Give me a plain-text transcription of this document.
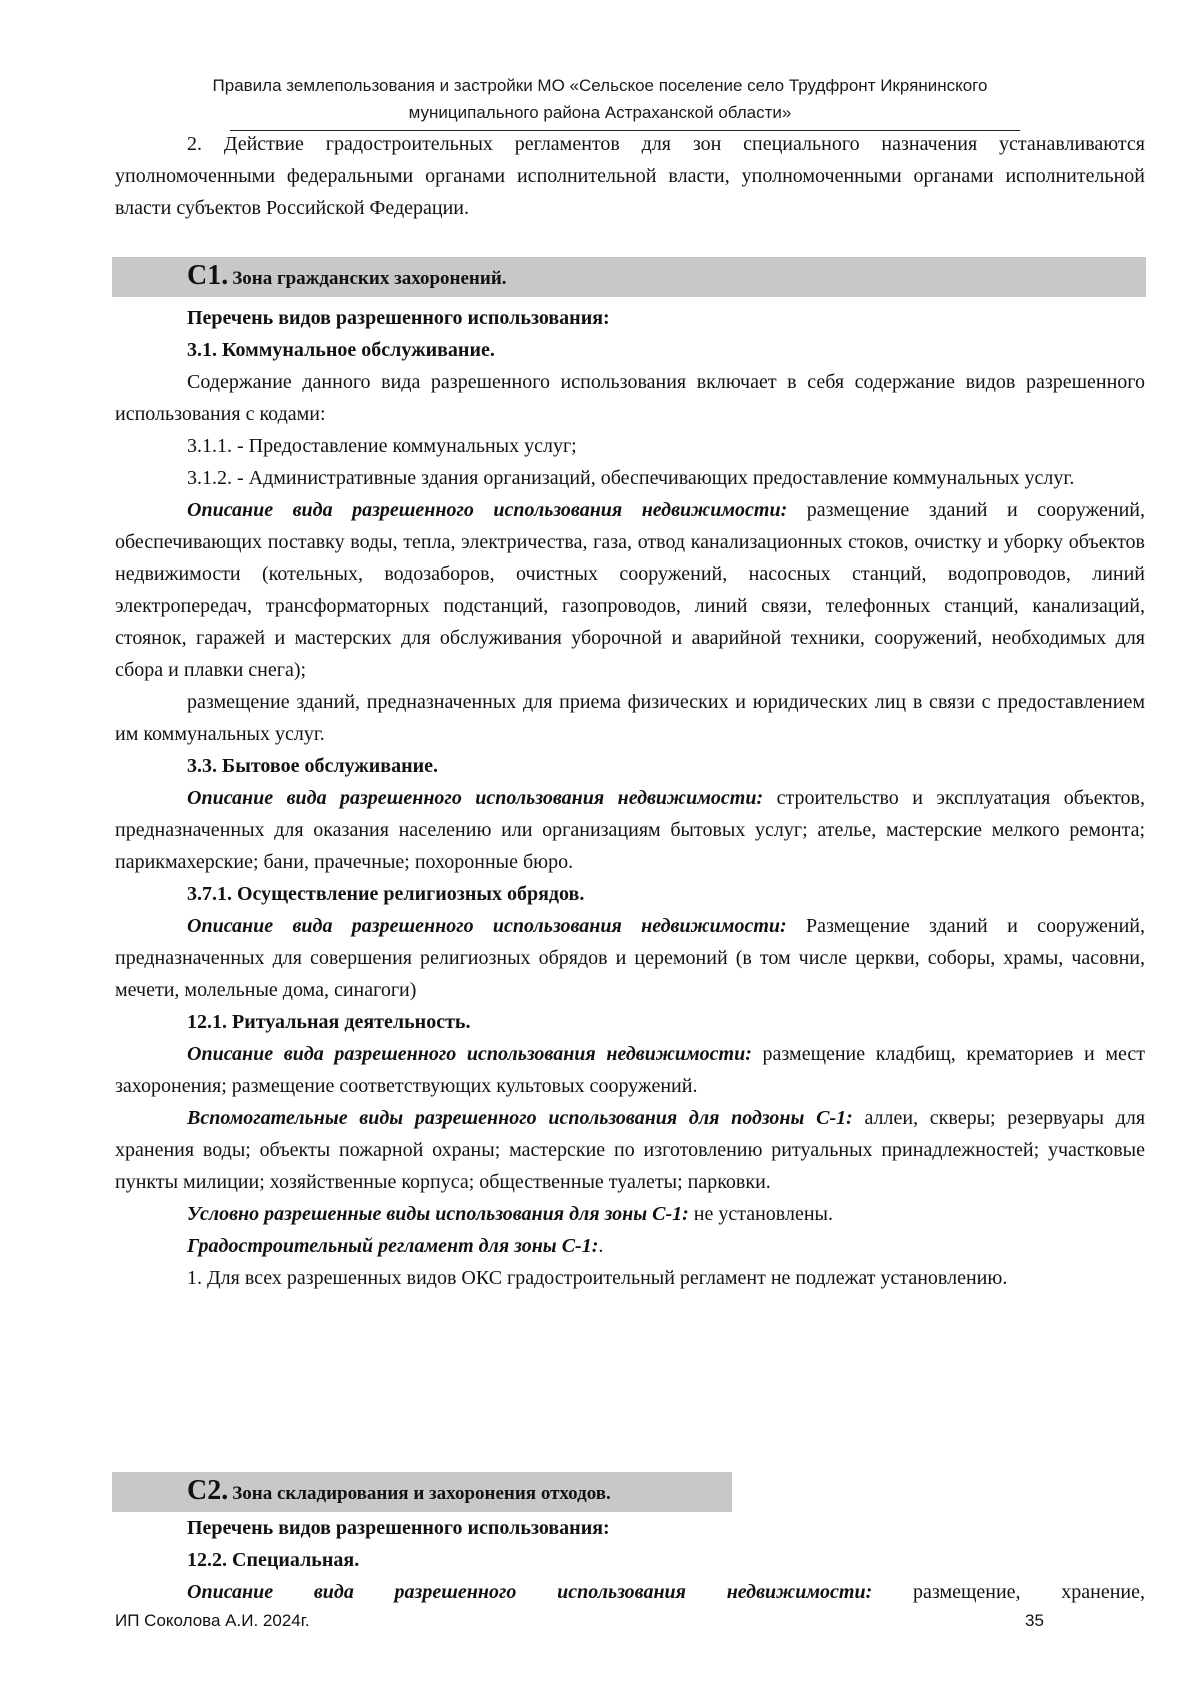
Правила землепользования и застройки МО «Сельское поселение село Трудфронт Икрянинского
муниципального района Астраханской области»

2. Действие градостроительных регламентов для зон специального назначения устанавливаются уполномоченными федеральными органами исполнительной власти, уполномоченными органами исполнительной власти субъектов Российской Федерации.

С1. Зона гражданских захоронений.

Перечень видов разрешенного использования:

3.1. Коммунальное обслуживание.

Содержание данного вида разрешенного использования включает в себя содержание видов разрешенного использования с кодами:

3.1.1. - Предоставление коммунальных услуг;

3.1.2. - Административные здания организаций, обеспечивающих предоставление коммунальных услуг.

Описание вида разрешенного использования недвижимости: размещение зданий и сооружений, обеспечивающих поставку воды, тепла, электричества, газа, отвод канализационных стоков, очистку и уборку объектов недвижимости (котельных, водозаборов, очистных сооружений, насосных станций, водопроводов, линий электропередач, трансформаторных подстанций, газопроводов, линий связи, телефонных станций, канализаций, стоянок, гаражей и мастерских для обслуживания уборочной и аварийной техники, сооружений, необходимых для сбора и плавки снега);

размещение зданий, предназначенных для приема физических и юридических лиц в связи с предоставлением им коммунальных услуг.

3.3. Бытовое обслуживание.

Описание вида разрешенного использования недвижимости: строительство и эксплуатация объектов, предназначенных для оказания населению или организациям бытовых услуг; ателье, мастерские мелкого ремонта; парикмахерские; бани, прачечные; похоронные бюро.

3.7.1. Осуществление религиозных обрядов.

Описание вида разрешенного использования недвижимости: Размещение зданий и сооружений, предназначенных для совершения религиозных обрядов и церемоний (в том числе церкви, соборы, храмы, часовни, мечети, молельные дома, синагоги)

12.1. Ритуальная деятельность.

Описание вида разрешенного использования недвижимости: размещение кладбищ, крематориев и мест захоронения; размещение соответствующих культовых сооружений.

Вспомогательные виды разрешенного использования для подзоны С-1: аллеи, скверы; резервуары для хранения воды; объекты пожарной охраны; мастерские по изготовлению ритуальных принадлежностей; участковые пункты милиции; хозяйственные корпуса; общественные туалеты; парковки.

Условно разрешенные виды использования для зоны С-1: не установлены.

Градостроительный регламент для зоны С-1:.

1. Для всех разрешенных видов ОКС градостроительный регламент не подлежат установлению.

С2. Зона складирования и захоронения отходов.

Перечень видов разрешенного использования:

12.2. Специальная.

Описание вида разрешенного использования недвижимости: размещение, хранение,

ИП Соколова А.И. 2024г.	35
